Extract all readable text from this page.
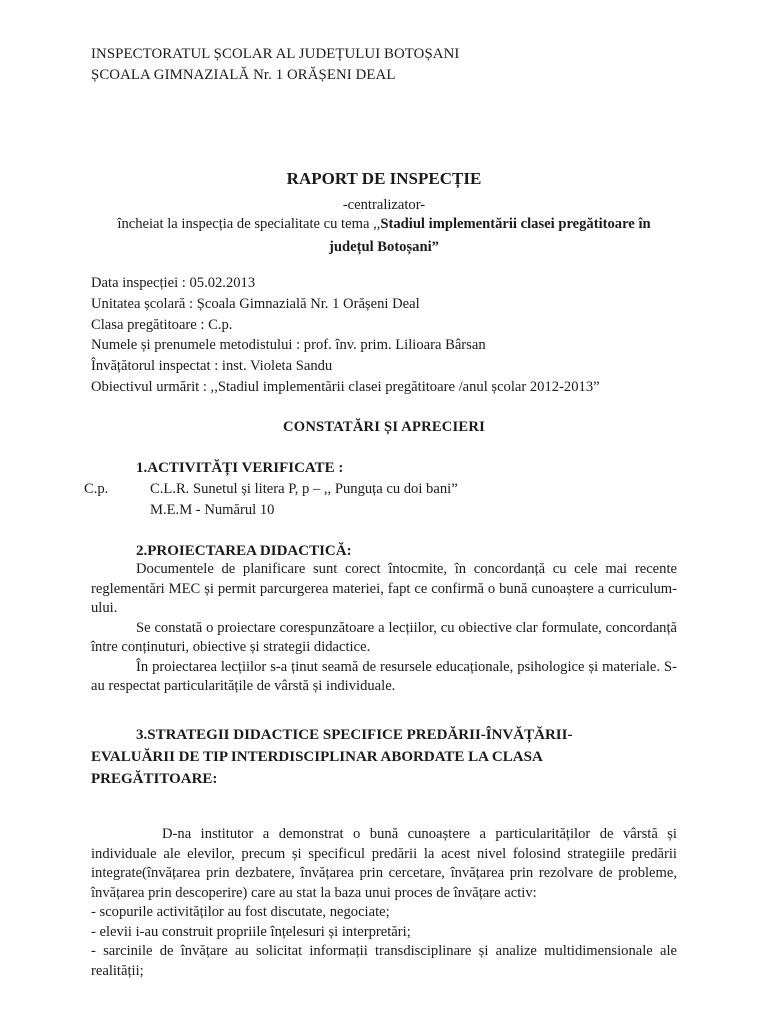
INSPECTORATUL ȘCOLAR AL JUDEȚULUI BOTOȘANI
ȘCOALA GIMNAZIALĂ Nr. 1 ORĂȘENI DEAL
RAPORT DE INSPECȚIE
-centralizator-
încheiat la inspecția de specialitate cu tema ,,Stadiul implementării clasei pregătitoare în
județul Botoșani”
Data inspecției : 05.02.2013
Unitatea școlară : Școala Gimnazială Nr. 1 Orășeni Deal
Clasa pregătitoare : C.p.
Numele și prenumele metodistului : prof. înv. prim. Lilioara Bârsan
Învățătorul inspectat : inst. Violeta Sandu
Obiectivul urmărit : ,,Stadiul implementării clasei pregătitoare /anul școlar 2012-2013”
CONSTATĂRI ȘI APRECIERI
1.ACTIVITĂȚI VERIFICATE :
C.p.	C.L.R. Sunetul și litera P, p – ,, Punguța cu doi bani”
M.E.M - Numărul 10
2.PROIECTAREA DIDACTICĂ:

Documentele de planificare sunt corect întocmite, în concordanță cu cele mai recente reglementări MEC și permit parcurgerea materiei, fapt ce confirmă o bună cunoaștere a curriculum-ului.

Se constată o proiectare corespunzătoare a lecțiilor, cu obiective clar formulate, concordanță între conținuturi, obiective și strategii didactice.

În proiectarea lecțiilor s-a ținut seamă de resursele educaționale, psihologice și materiale. S-au respectat particularitățile de vârstă și individuale.

3.STRATEGII DIDACTICE SPECIFICE PREDĂRII-ÎNVĂȚĂRII-
EVALUĂRII DE TIP INTERDISCIPLINAR ABORDATE LA CLASA
PREGĂTITOARE:

D-na institutor a demonstrat o bună cunoaștere a particularităților de vârstă și individuale ale elevilor, precum și specificul predării la acest nivel folosind strategiile predării integrate(învățarea prin dezbatere, învățarea prin cercetare, învățarea prin rezolvare de probleme, învățarea prin descoperire) care au stat la baza unui proces de învățare activ:

- scopurile activităților au fost discutate, negociate;

- elevii i-au construit propriile înțelesuri și interpretări;

- sarcinile de învățare au solicitat informații transdisciplinare și analize multidimensionale ale realității;
